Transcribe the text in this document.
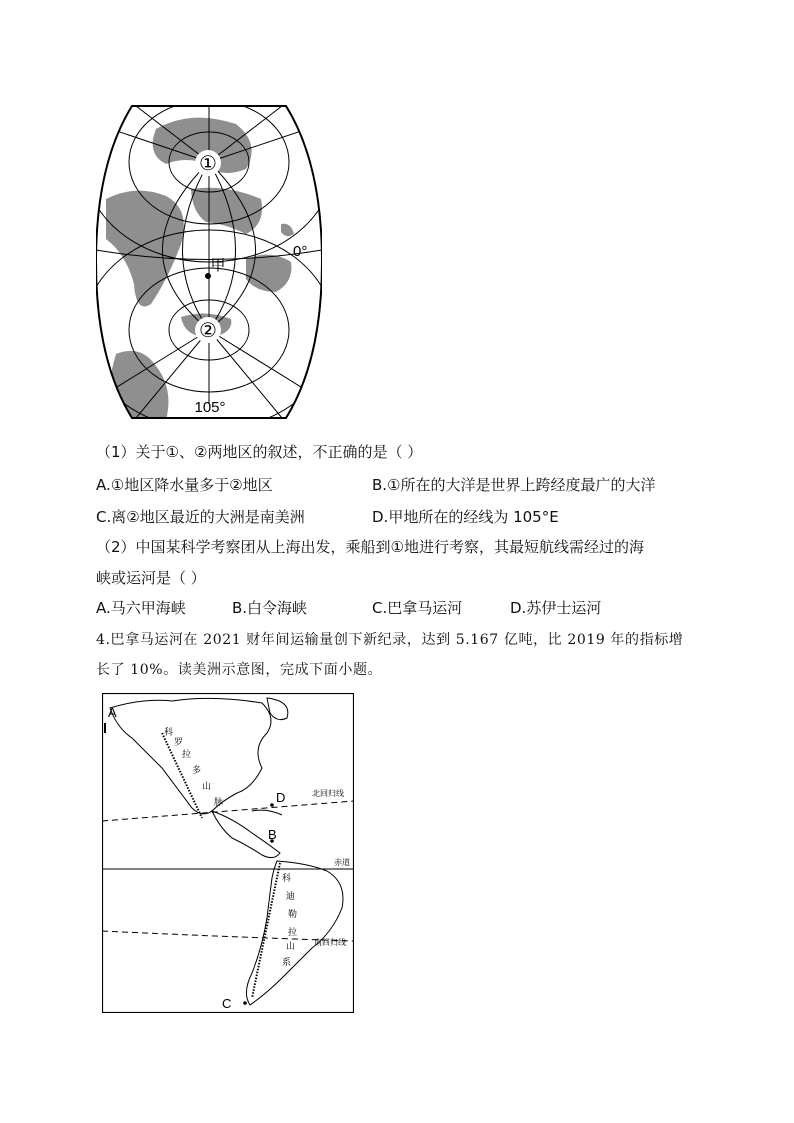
①
②
甲
0°
105°
（1）关于①、②两地区的叙述，不正确的是（ ）
A.①地区降水量多于②地区	B.①所在的大洋是世界上跨经度最广的大洋
C.离②地区最近的大洲是南美洲	D.甲地所在的经线为 105°E
（2）中国某科学考察团从上海出发，乘船到①地进行考察，其最短航线需经过的海
峡或运河是（ ）
A.马六甲海峡	B.白令海峡	C.巴拿马运河	D.苏伊士运河
4.巴拿马运河在 2021 财年间运输量创下新纪录，达到 5.167 亿吨，比 2019 年的指标增
长了 10%。读美洲示意图，完成下面小题。
A
B
C
D	北回归线
赤道
南回归线
科
罗
拉
多
山
脉
科
迪
勒
拉
山
系
